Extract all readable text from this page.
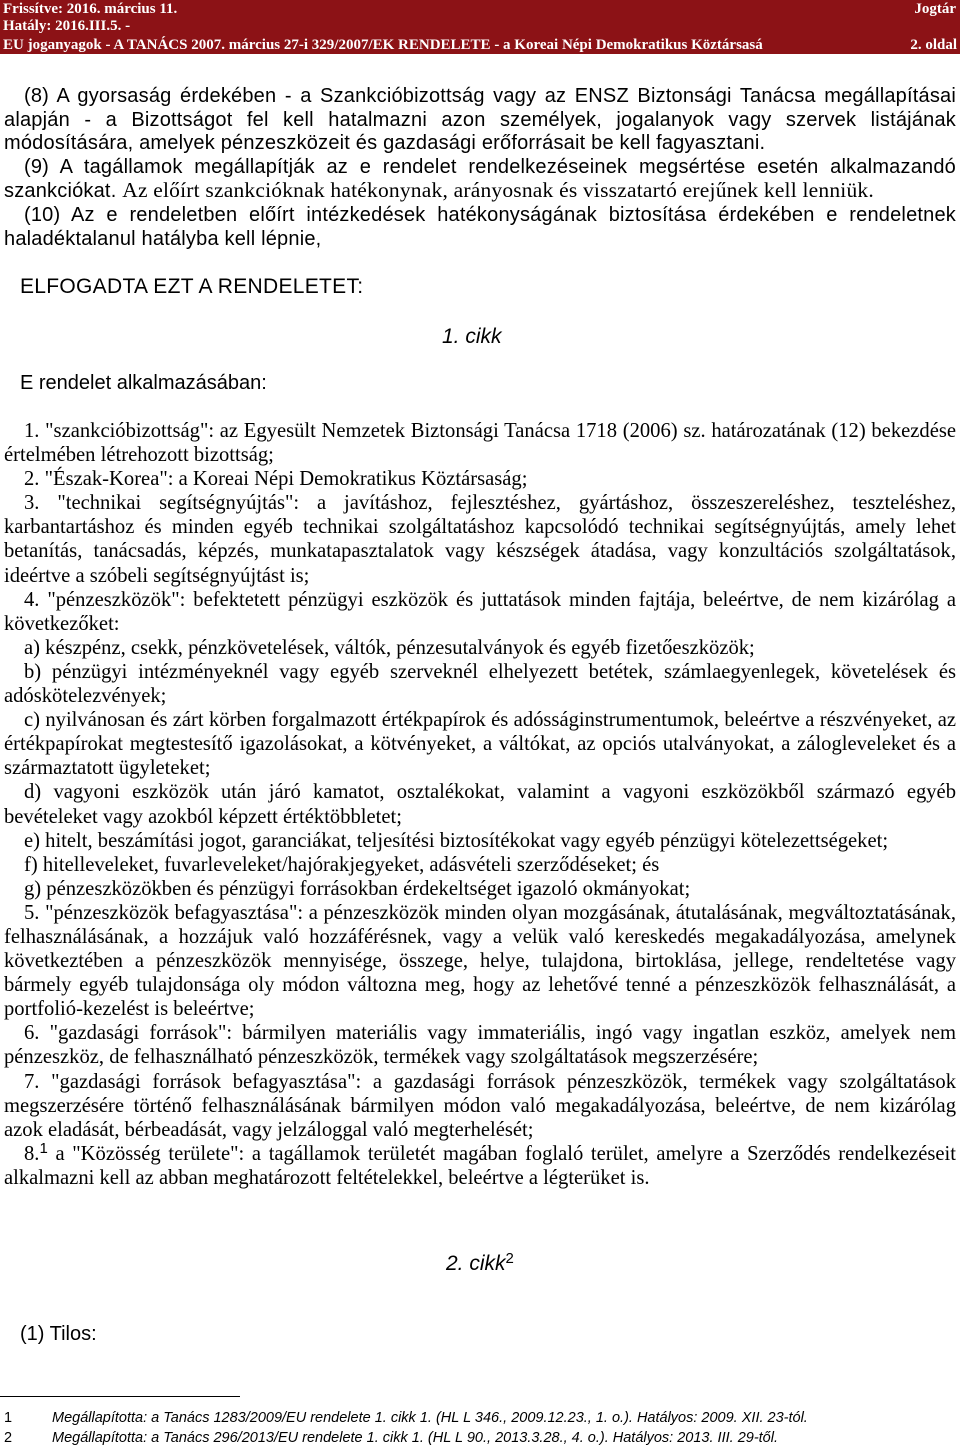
Frissítve: 2016. március 11.	Jogtár
Hatály: 2016.III.5. -
EU joganyagok - A TANÁCS 2007. március 27-i 329/2007/EK RENDELETE - a Koreai Népi Demokratikus Köztársasá	2. oldal

(8) A gyorsaság érdekében - a Szankcióbizottság vagy az ENSZ Biztonsági Tanácsa megállapításai alapján - a Bizottságot fel kell hatalmazni azon személyek, jogalanyok vagy szervek listájának módosítására, amelyek pénzeszközeit és gazdasági erőforrásait be kell fagyasztani.

(9) A tagállamok megállapítják az e rendelet rendelkezéseinek megsértése esetén alkalmazandó szankciókat. Az előírt szankcióknak hatékonynak, arányosnak és visszatartó erejűnek kell lenniük.

(10) Az e rendeletben előírt intézkedések hatékonyságának biztosítása érdekében e rendeletnek haladéktalanul hatályba kell lépnie,

ELFOGADTA EZT A RENDELETET:
1. cikk
E rendelet alkalmazásában:

1. "szankcióbizottság": az Egyesült Nemzetek Biztonsági Tanácsa 1718 (2006) sz. határozatának (12) bekezdése értelmében létrehozott bizottság;

2. "Észak-Korea": a Koreai Népi Demokratikus Köztársaság;

3. "technikai segítségnyújtás": a javításhoz, fejlesztéshez, gyártáshoz, összeszereléshez, teszteléshez, karbantartáshoz és minden egyéb technikai szolgáltatáshoz kapcsolódó technikai segítségnyújtás, amely lehet betanítás, tanácsadás, képzés, munkatapasztalatok vagy készségek átadása, vagy konzultációs szolgáltatások, ideértve a szóbeli segítségnyújtást is;

4. "pénzeszközök": befektetett pénzügyi eszközök és juttatások minden fajtája, beleértve, de nem kizárólag a következőket:

a) készpénz, csekk, pénzkövetelések, váltók, pénzesutalványok és egyéb fizetőeszközök;

b) pénzügyi intézményeknél vagy egyéb szerveknél elhelyezett betétek, számlaegyenlegek, követelések és adóskötelezvények;

c) nyilvánosan és zárt körben forgalmazott értékpapírok és adósságinstrumentumok, beleértve a részvényeket, az értékpapírokat megtestesítő igazolásokat, a kötvényeket, a váltókat, az opciós utalványokat, a zálogleveleket és a származtatott ügyleteket;

d) vagyoni eszközök után járó kamatot, osztalékokat, valamint a vagyoni eszközökből származó egyéb bevételeket vagy azokból képzett értéktöbbletet;

e) hitelt, beszámítási jogot, garanciákat, teljesítési biztosítékokat vagy egyéb pénzügyi kötelezettségeket;

f) hitelleveleket, fuvarleveleket/hajórakjegyeket, adásvételi szerződéseket; és

g) pénzeszközökben és pénzügyi forrásokban érdekeltséget igazoló okmányokat;

5. "pénzeszközök befagyasztása": a pénzeszközök minden olyan mozgásának, átutalásának, megváltoztatásának, felhasználásának, a hozzájuk való hozzáférésnek, vagy a velük való kereskedés megakadályozása, amelynek következtében a pénzeszközök mennyisége, összege, helye, tulajdona, birtoklása, jellege, rendeltetése vagy bármely egyéb tulajdonsága oly módon változna meg, hogy az lehetővé tenné a pénzeszközök felhasználását, a portfolió-kezelést is beleértve;

6. "gazdasági források": bármilyen materiális vagy immateriális, ingó vagy ingatlan eszköz, amelyek nem pénzeszköz, de felhasználható pénzeszközök, termékek vagy szolgáltatások megszerzésére;

7. "gazdasági források befagyasztása": a gazdasági források pénzeszközök, termékek vagy szolgáltatások megszerzésére történő felhasználásának bármilyen módon való megakadályozása, beleértve, de nem kizárólag azok eladását, bérbeadását, vagy jelzáloggal való megterhelését;

8.$^1$ a "Közösség területe": a tagállamok területét magában foglaló terület, amelyre a Szerződés rendelkezéseit alkalmazni kell az abban meghatározott feltételekkel, beleértve a légterüket is.

2. cikk$^2$
(1) Tilos:
1	Megállapította: a Tanács 1283/2009/EU rendelete 1. cikk 1. (HL L 346., 2009.12.23., 1. o.). Hatályos: 2009. XII. 23-tól.
2	Megállapította: a Tanács 296/2013/EU rendelete 1. cikk 1. (HL L 90., 2013.3.28., 4. o.). Hatályos: 2013. III. 29-től.
